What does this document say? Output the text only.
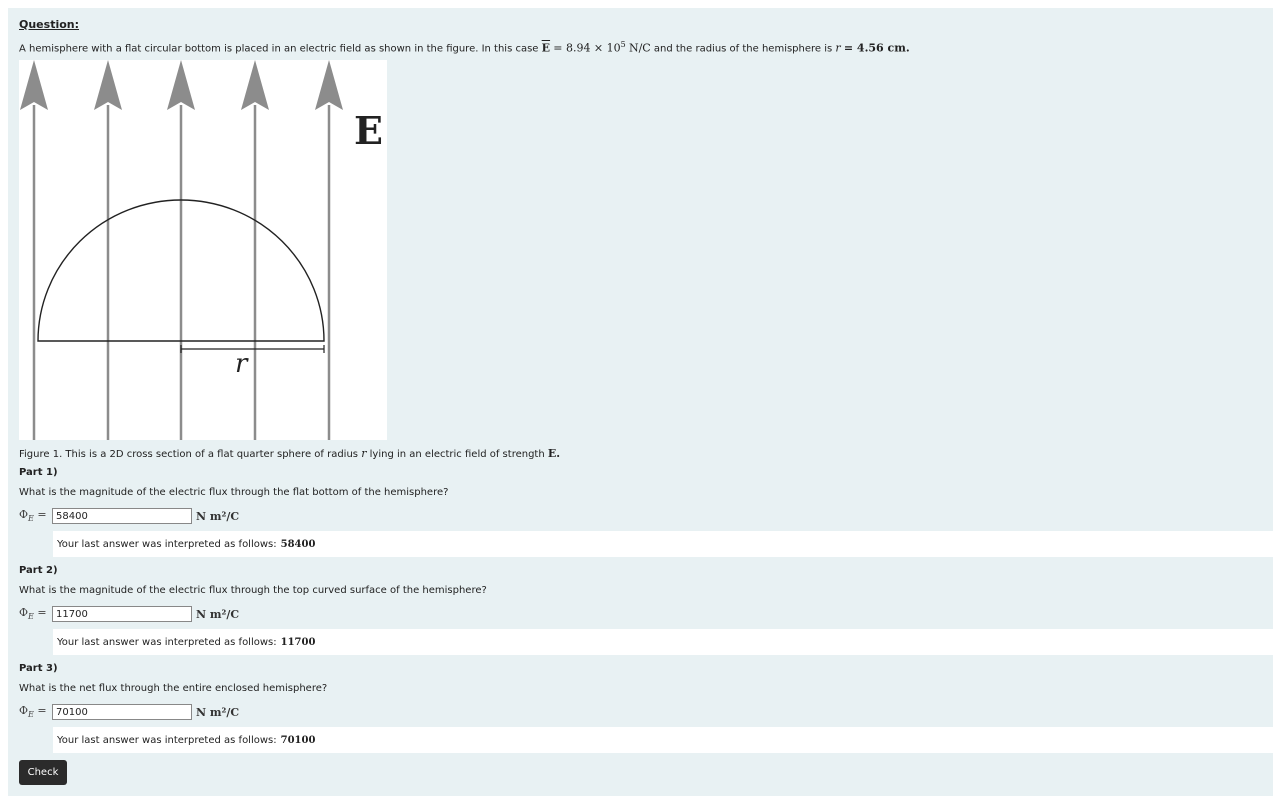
Question:
A hemisphere with a flat circular bottom is placed in an electric field as shown in the figure. In this case $\overline{E} = 8.94 \times 10^5$ N/C and the radius of the hemisphere is r = 4.56 cm.
r
E
Figure 1. This is a 2D cross section of a flat quarter sphere of radius r lying in an electric field of strength E.
Part 1)
What is the magnitude of the electric flux through the flat bottom of the hemisphere?
$\Phi_E$ =
58400	N m²/C
Your last answer was interpreted as follows: 58400
Part 2)
What is the magnitude of the electric flux through the top curved surface of the hemisphere?
$\Phi_E$ =
11700	N m²/C
Your last answer was interpreted as follows: 11700
Part 3)
What is the net flux through the entire enclosed hemisphere?
$\Phi_E$ =
70100	N m²/C
Your last answer was interpreted as follows: 70100
Check
